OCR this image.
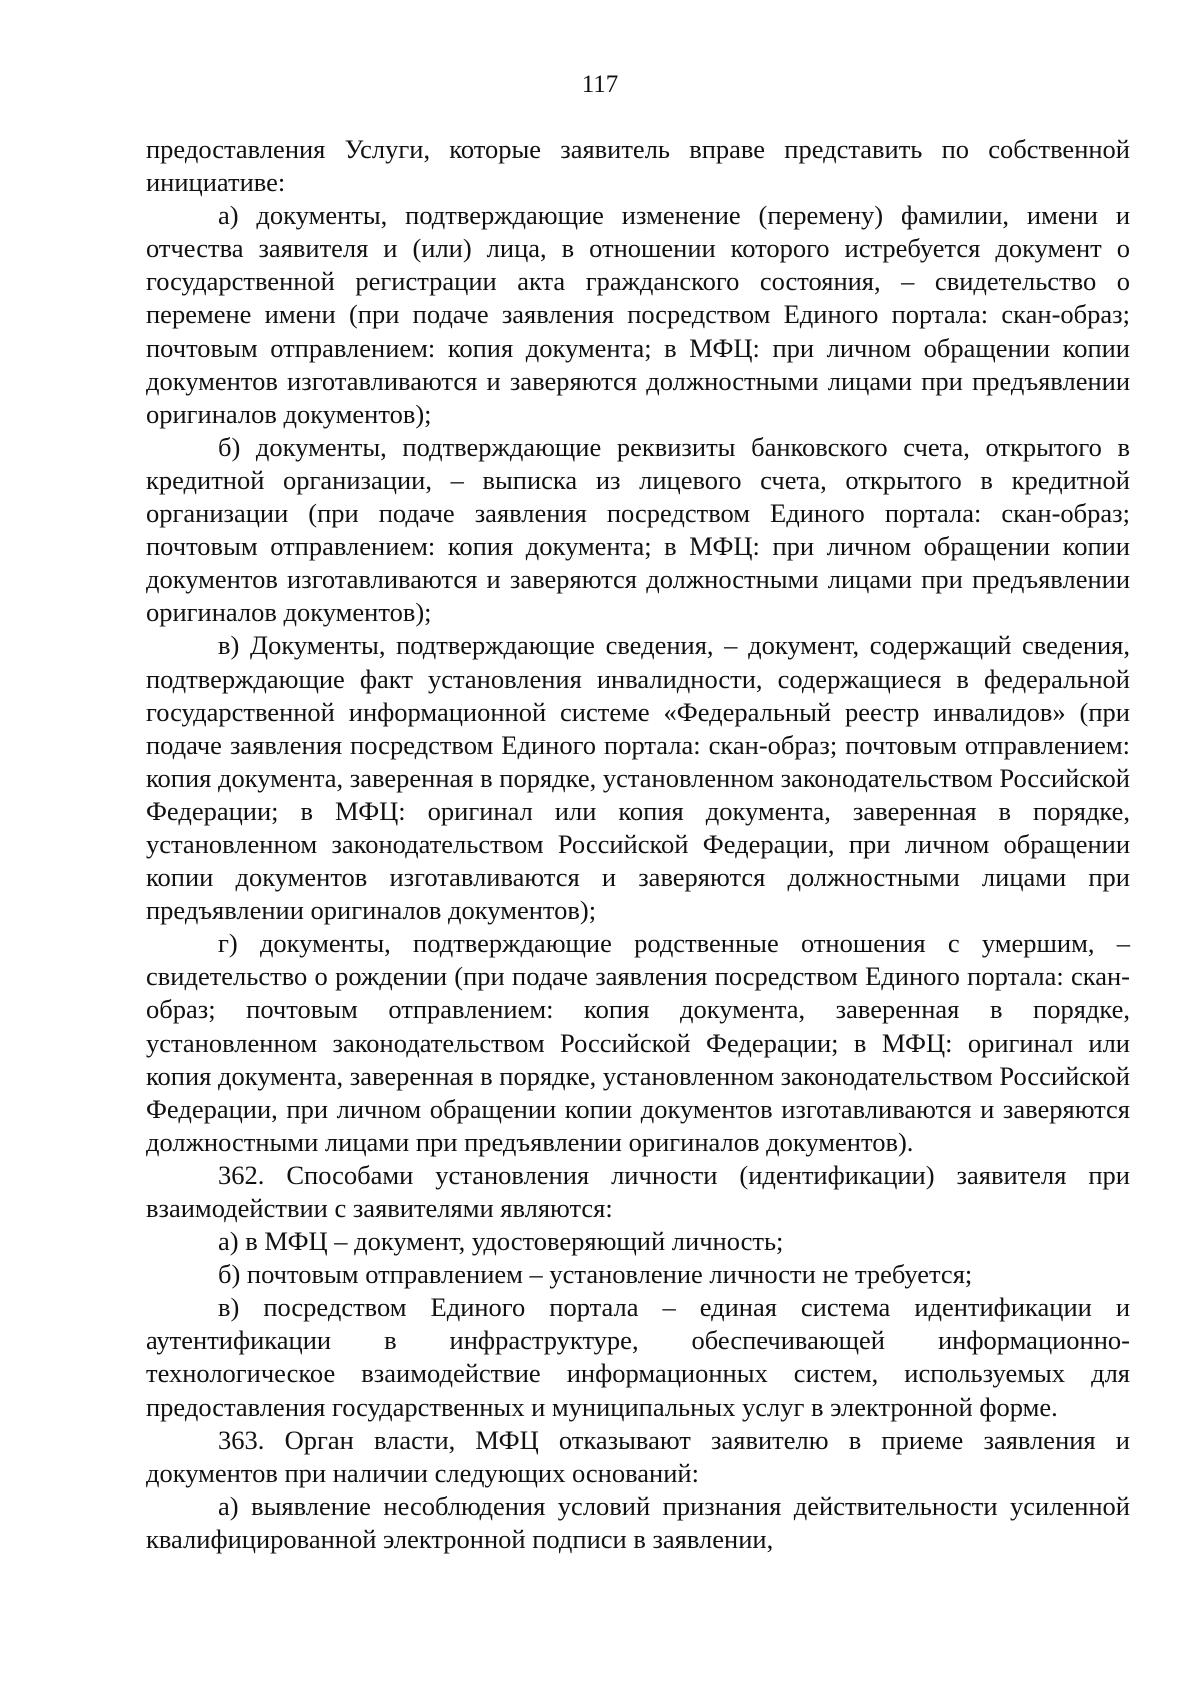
117

предоставления Услуги, которые заявитель вправе представить по собственной инициативе:

а) документы, подтверждающие изменение (перемену) фамилии, имени и отчества заявителя и (или) лица, в отношении которого истребуется документ о государственной регистрации акта гражданского состояния, – свидетельство о перемене имени (при подаче заявления посредством Единого портала: скан-образ; почтовым отправлением: копия документа; в МФЦ: при личном обращении копии документов изготавливаются и заверяются должностными лицами при предъявлении оригиналов документов);

б) документы, подтверждающие реквизиты банковского счета, открытого в кредитной организации, – выписка из лицевого счета, открытого в кредитной организации (при подаче заявления посредством Единого портала: скан-образ; почтовым отправлением: копия документа; в МФЦ: при личном обращении копии документов изготавливаются и заверяются должностными лицами при предъявлении оригиналов документов);

в) Документы, подтверждающие сведения, – документ, содержащий сведения, подтверждающие факт установления инвалидности, содержащиеся в федеральной государственной информационной системе «Федеральный реестр инвалидов» (при подаче заявления посредством Единого портала: скан-образ; почтовым отправлением: копия документа, заверенная в порядке, установленном законодательством Российской Федерации; в МФЦ: оригинал или копия документа, заверенная в порядке, установленном законодательством Российской Федерации, при личном обращении копии документов изготавливаются и заверяются должностными лицами при предъявлении оригиналов документов);

г) документы, подтверждающие родственные отношения с умершим, – свидетельство о рождении (при подаче заявления посредством Единого портала: скан-образ; почтовым отправлением: копия документа, заверенная в порядке, установленном законодательством Российской Федерации; в МФЦ: оригинал или копия документа, заверенная в порядке, установленном законодательством Российской Федерации, при личном обращении копии документов изготавливаются и заверяются должностными лицами при предъявлении оригиналов документов).

362. Способами установления личности (идентификации) заявителя при взаимодействии с заявителями являются:

а) в МФЦ – документ, удостоверяющий личность;

б) почтовым отправлением – установление личности не требуется;

в) посредством Единого портала – единая система идентификации и аутентификации в инфраструктуре, обеспечивающей информационно-технологическое взаимодействие информационных систем, используемых для предоставления государственных и муниципальных услуг в электронной форме.

363. Орган власти, МФЦ отказывают заявителю в приеме заявления и документов при наличии следующих оснований:

а) выявление несоблюдения условий признания действительности усиленной квалифицированной электронной подписи в заявлении,
